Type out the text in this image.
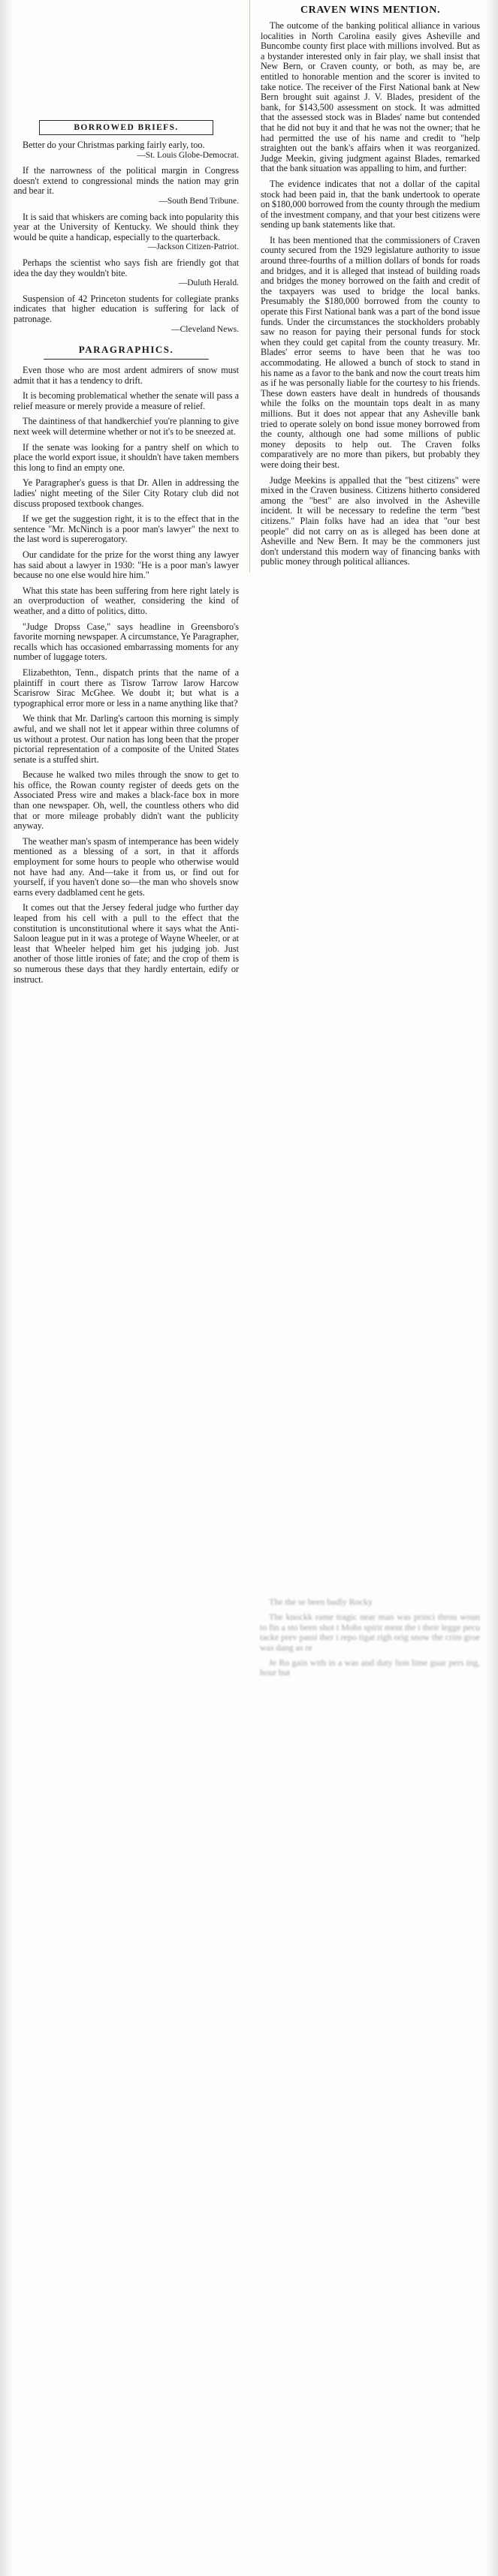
BORROWED BRIEFS.

Better do your Christmas parking fairly early, too.
—St. Louis Globe-Democrat.

If the narrowness of the political margin in Congress doesn't extend to congressional minds the nation may grin and bear it.
—South Bend Tribune.

It is said that whiskers are coming back into popularity this year at the University of Kentucky. We should think they would be quite a handicap, especially to the quarterback.
—Jackson Citizen-Patriot.

Perhaps the scientist who says fish are friendly got that idea the day they wouldn't bite.
—Duluth Herald.

Suspension of 42 Princeton students for collegiate pranks indicates that higher education is suffering for lack of patronage.
—Cleveland News.

PARAGRAPHICS.

Even those who are most ardent admirers of snow must admit that it has a tendency to drift.

It is becoming problematical whether the senate will pass a relief measure or merely provide a measure of relief.

The daintiness of that handkerchief you're planning to give next week will determine whether or not it's to be sneezed at.

If the senate was looking for a pantry shelf on which to place the world export issue, it shouldn't have taken members this long to find an empty one.

Ye Paragrapher's guess is that Dr. Allen in addressing the ladies' night meeting of the Siler City Rotary club did not discuss proposed textbook changes.

If we get the suggestion right, it is to the effect that in the sentence "Mr. McNinch is a poor man's lawyer" the next to the last word is supererogatory.

Our candidate for the prize for the worst thing any lawyer has said about a lawyer in 1930: "He is a poor man's lawyer because no one else would hire him."

What this state has been suffering from here right lately is an overproduction of weather, considering the kind of weather, and a ditto of politics, ditto.

"Judge Dropss Case," says headline in Greensboro's favorite morning newspaper. A circumstance, Ye Paragrapher, recalls which has occasioned embarrassing moments for any number of luggage toters.

Elizabethton, Tenn., dispatch prints that the name of a plaintiff in court there as Tisrow Tarrow Iarow Harcow Scarisrow Sirac McGhee. We doubt it; but what is a typographical error more or less in a name anything like that?

We think that Mr. Darling's cartoon this morning is simply awful, and we shall not let it appear within three columns of us without a protest. Our nation has long been that the proper pictorial representation of a composite of the United States senate is a stuffed shirt.

Because he walked two miles through the snow to get to his office, the Rowan county register of deeds gets on the Associated Press wire and makes a black-face box in more than one newspaper. Oh, well, the countless others who did that or more mileage probably didn't want the publicity anyway.

The weather man's spasm of intemperance has been widely mentioned as a blessing of a sort, in that it affords employment for some hours to people who otherwise would not have had any. And—take it from us, or find out for yourself, if you haven't done so—the man who shovels snow earns every dadblamed cent he gets.

It comes out that the Jersey federal judge who further day leaped from his cell with a pull to the effect that the constitution is unconstitutional where it says what the Anti-Saloon league put in it was a protege of Wayne Wheeler, or at least that Wheeler helped him get his judging job. Just another of those little ironies of fate; and the crop of them is so numerous these days that they hardly entertain, edify or instruct.

CRAVEN WINS MENTION.

The outcome of the banking political alliance in various localities in North Carolina easily gives Asheville and Buncombe county first place with millions involved. But as a bystander interested only in fair play, we shall insist that New Bern, or Craven county, or both, as may be, are entitled to honorable mention and the scorer is invited to take notice. The receiver of the First National bank at New Bern brought suit against J. V. Blades, president of the bank, for $143,500 assessment on stock. It was admitted that the assessed stock was in Blades' name but contended that he did not buy it and that he was not the owner; that he had permitted the use of his name and credit to "help straighten out the bank's affairs when it was reorganized. Judge Meekin, giving judgment against Blades, remarked that the bank situation was appalling to him, and further:

The evidence indicates that not a dollar of the capital stock had been paid in, that the bank undertook to operate on $180,000 borrowed from the county through the medium of the investment company, and that your best citizens were sending up bank statements like that.

It has been mentioned that the commissioners of Craven county secured from the 1929 legislature authority to issue around three-fourths of a million dollars of bonds for roads and bridges, and it is alleged that instead of building roads and bridges the money borrowed on the faith and credit of the taxpayers was used to bridge the local banks. Presumably the $180,000 borrowed from the county to operate this First National bank was a part of the bond issue funds. Under the circumstances the stockholders probably saw no reason for paying their personal funds for stock when they could get capital from the county treasury. Mr. Blades' error seems to have been that he was too accommodating. He allowed a bunch of stock to stand in his name as a favor to the bank and now the court treats him as if he was personally liable for the courtesy to his friends. These down easters have dealt in hundreds of thousands while the folks on the mountain tops dealt in as many millions. But it does not appear that any Asheville bank tried to operate solely on bond issue money borrowed from the county, although one had some millions of public money deposits to help out. The Craven folks comparatively are no more than pikers, but probably they were doing their best.

Judge Meekins is appalled that the "best citizens" were mixed in the Craven business. Citizens hitherto considered among the "best" are also involved in the Asheville incident. It will be necessary to redefine the term "best citizens." Plain folks have had an idea that "our best people" did not carry on as is alleged has been done at Asheville and New Bern. It may be the commoners just don't understand this modern way of financing banks with public money through political alliances.

The the se been badly Rocky

The knockk rame tragic near man was princi throu woun to fin a sto been shot t Mobs spirit ment the i their legge pecu tacke prev passi ther i repo tigat righ orig snow the crim groe was dang as re

Je Ro gain with in a was and duty lion lime guar pers ing, hour but
